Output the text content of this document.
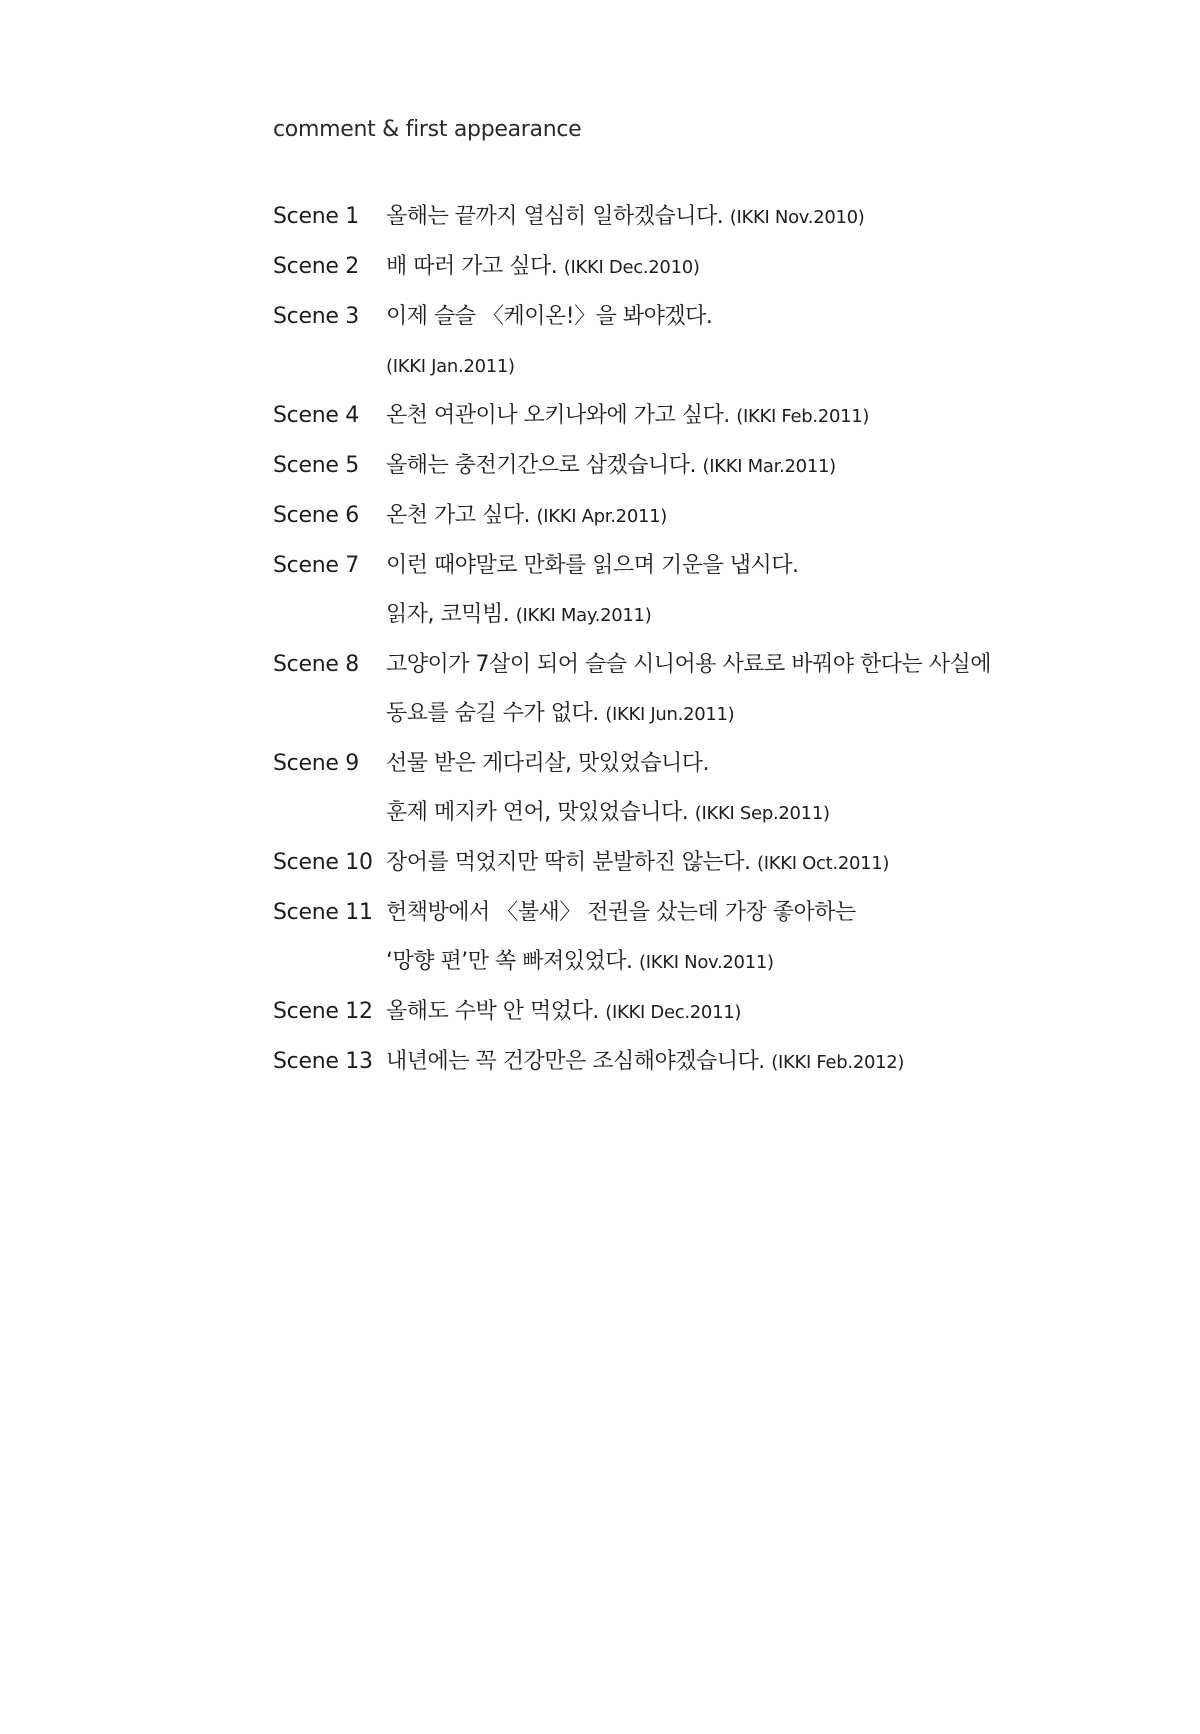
comment & first appearance
Scene 1	올해는 끝까지 열심히 일하겠습니다. (IKKI Nov.2010)
Scene 2	배 따러 가고 싶다. (IKKI Dec.2010)
Scene 3	이제 슬슬 〈케이온!〉을 봐야겠다.
(IKKI Jan.2011)
Scene 4	온천 여관이나 오키나와에 가고 싶다. (IKKI Feb.2011)
Scene 5	올해는 충전기간으로 삼겠습니다. (IKKI Mar.2011)
Scene 6	온천 가고 싶다. (IKKI Apr.2011)
Scene 7	이런 때야말로 만화를 읽으며 기운을 냅시다.
읽자, 코믹빔. (IKKI May.2011)
Scene 8	고양이가 7살이 되어 슬슬 시니어용 사료로 바꿔야 한다는 사실에
동요를 숨길 수가 없다. (IKKI Jun.2011)
Scene 9	선물 받은 게다리살, 맛있었습니다.
훈제 메지카 연어, 맛있었습니다. (IKKI Sep.2011)
Scene 10 장어를 먹었지만 딱히 분발하진 않는다. (IKKI Oct.2011)
Scene 11 헌책방에서 〈불새〉 전권을 샀는데 가장 좋아하는
‘망향 편’만 쏙 빠져있었다. (IKKI Nov.2011)
Scene 12 올해도 수박 안 먹었다. (IKKI Dec.2011)
Scene 13 내년에는 꼭 건강만은 조심해야겠습니다. (IKKI Feb.2012)
